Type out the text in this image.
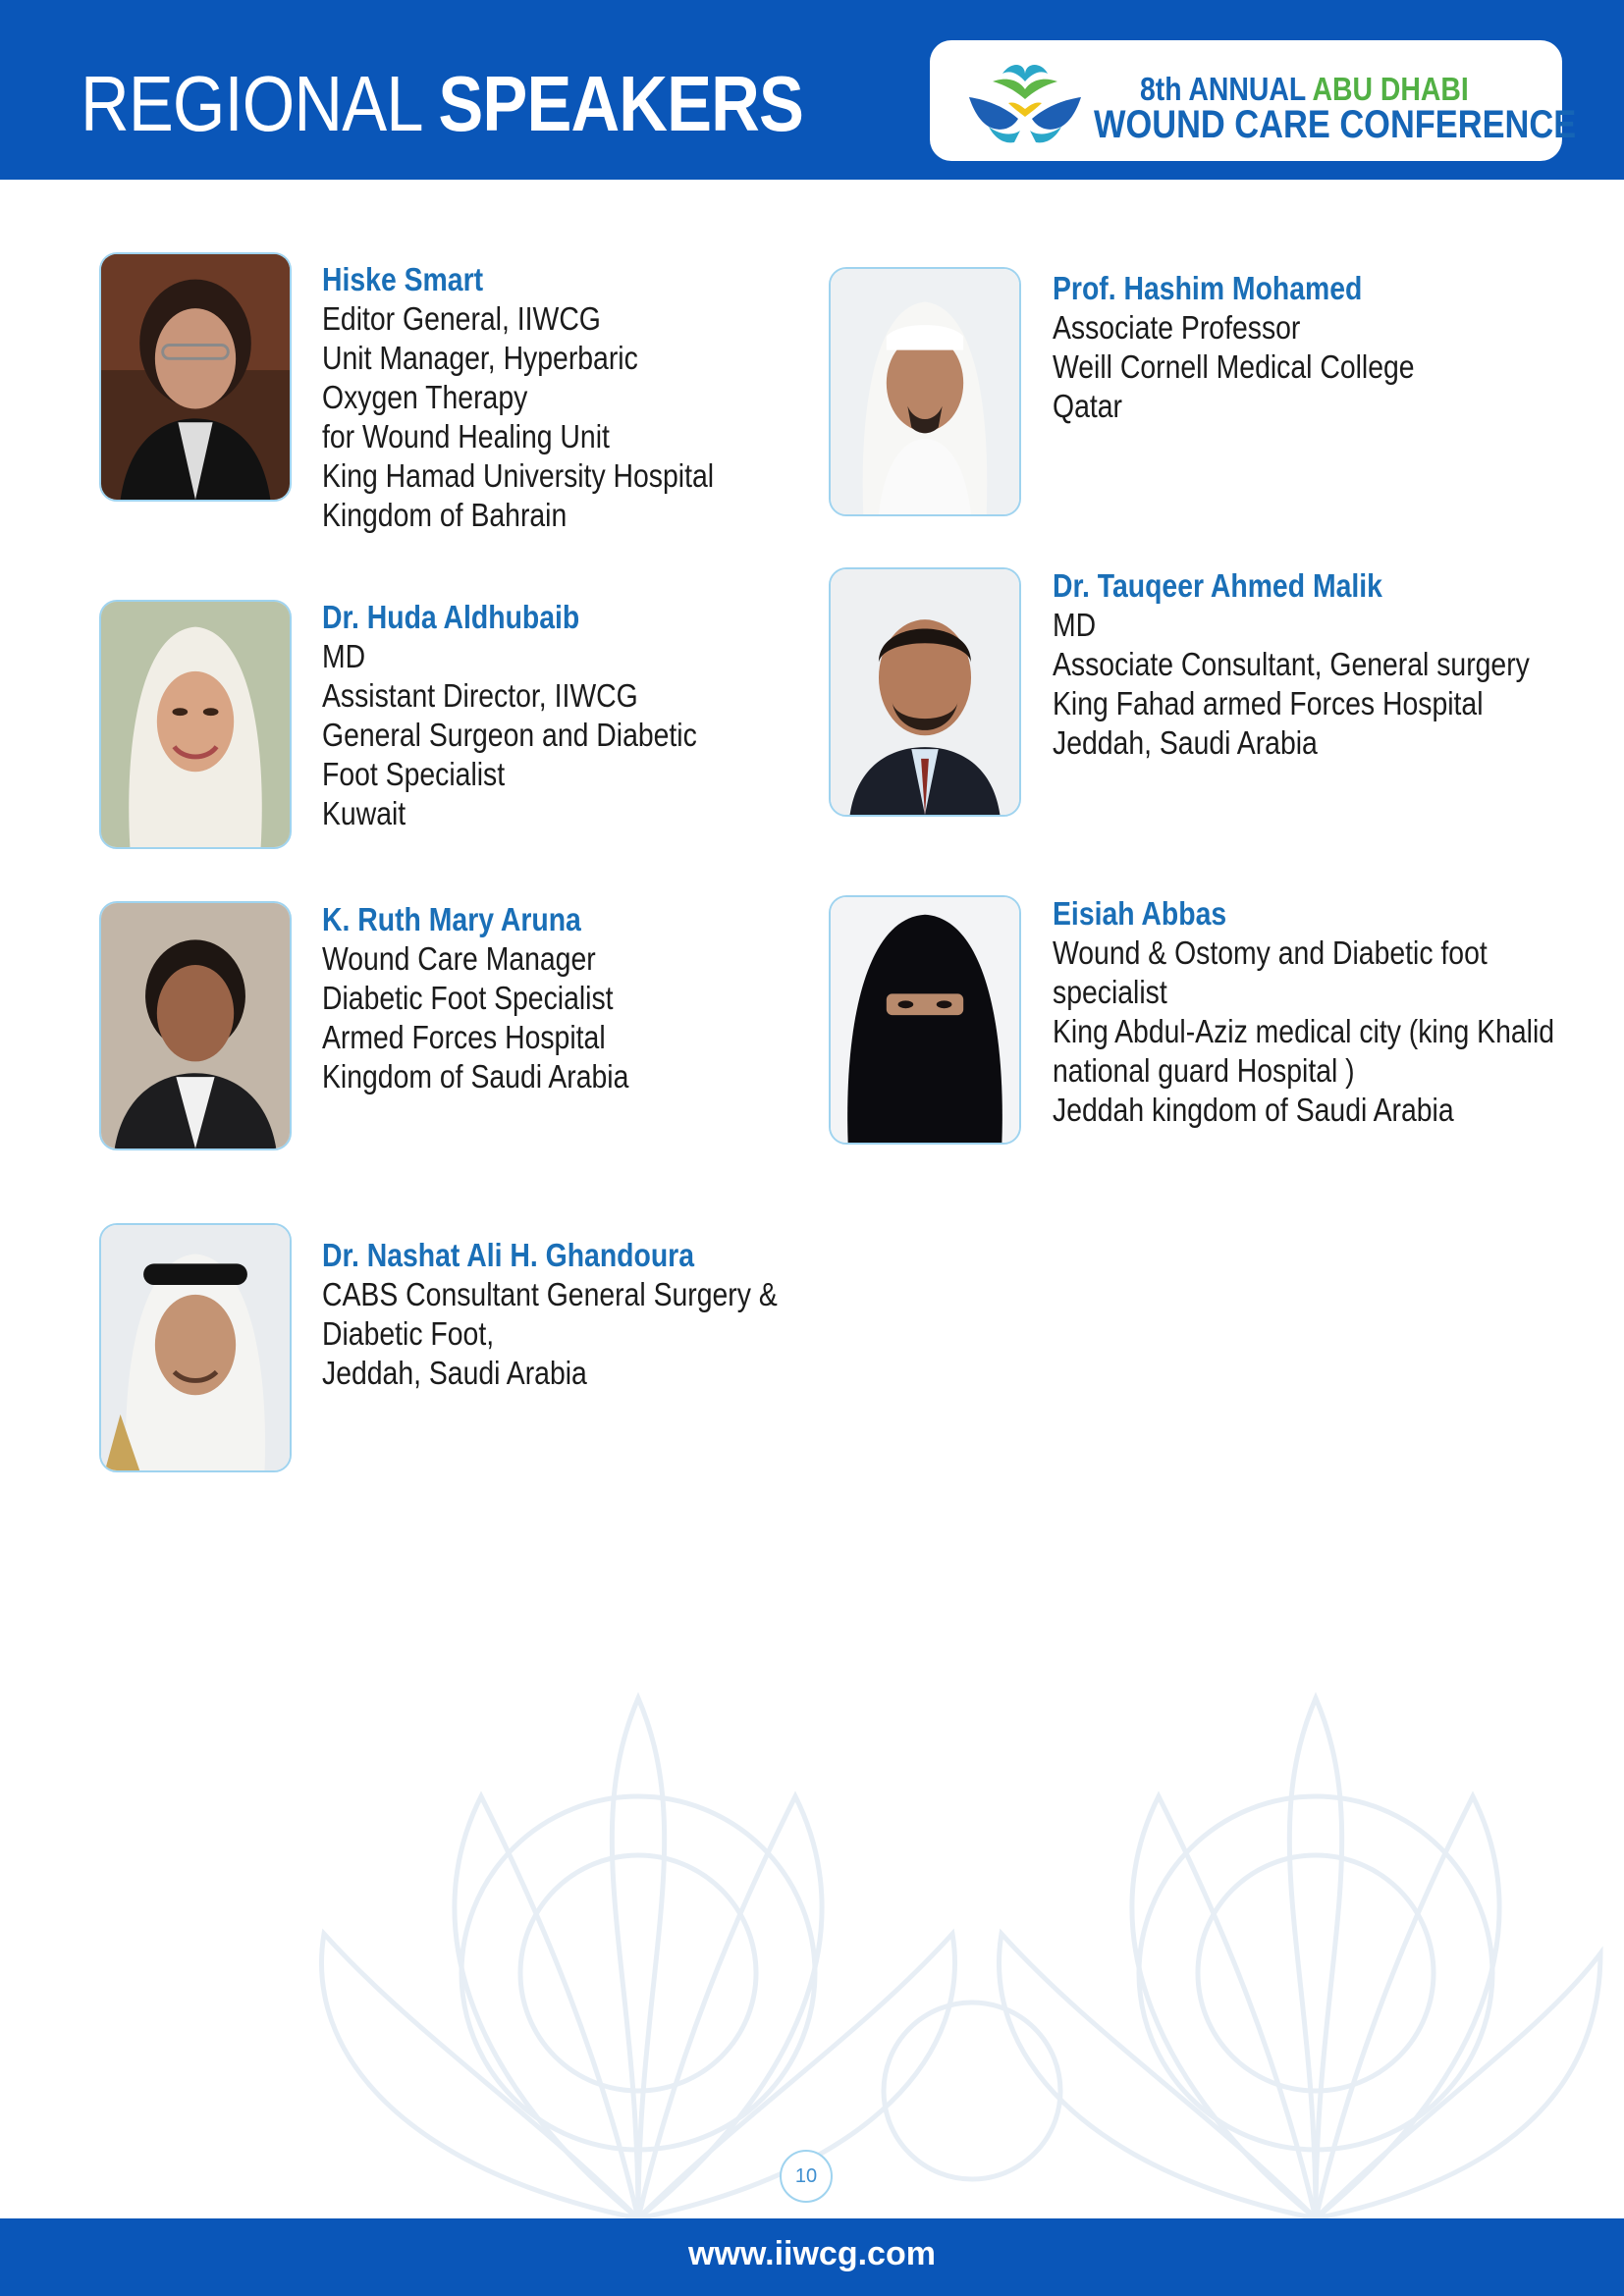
REGIONAL SPEAKERS	8th ANNUAL ABU DHABI
WOUND CARE CONFERENCE
Hiske Smart
Editor General, IIWCG
Unit Manager, Hyperbaric
Oxygen Therapy
for Wound Healing Unit
King Hamad University Hospital
Kingdom of Bahrain
Prof. Hashim Mohamed
Associate Professor
Weill Cornell Medical College
Qatar
Dr. Huda Aldhubaib
MD
Assistant Director, IIWCG
General Surgeon and Diabetic
Foot Specialist
Kuwait
Dr. Tauqeer Ahmed Malik
MD
Associate Consultant, General surgery
King Fahad armed Forces Hospital
Jeddah, Saudi Arabia
K. Ruth Mary Aruna
Wound Care Manager
Diabetic Foot Specialist
Armed Forces Hospital
Kingdom of Saudi Arabia
Eisiah Abbas
Wound & Ostomy and Diabetic foot
specialist
King Abdul-Aziz medical city (king Khalid
national guard Hospital )
Jeddah kingdom of Saudi Arabia
Dr. Nashat Ali H. Ghandoura
CABS Consultant General Surgery &
Diabetic Foot,
Jeddah, Saudi Arabia
10
www.iiwcg.com
